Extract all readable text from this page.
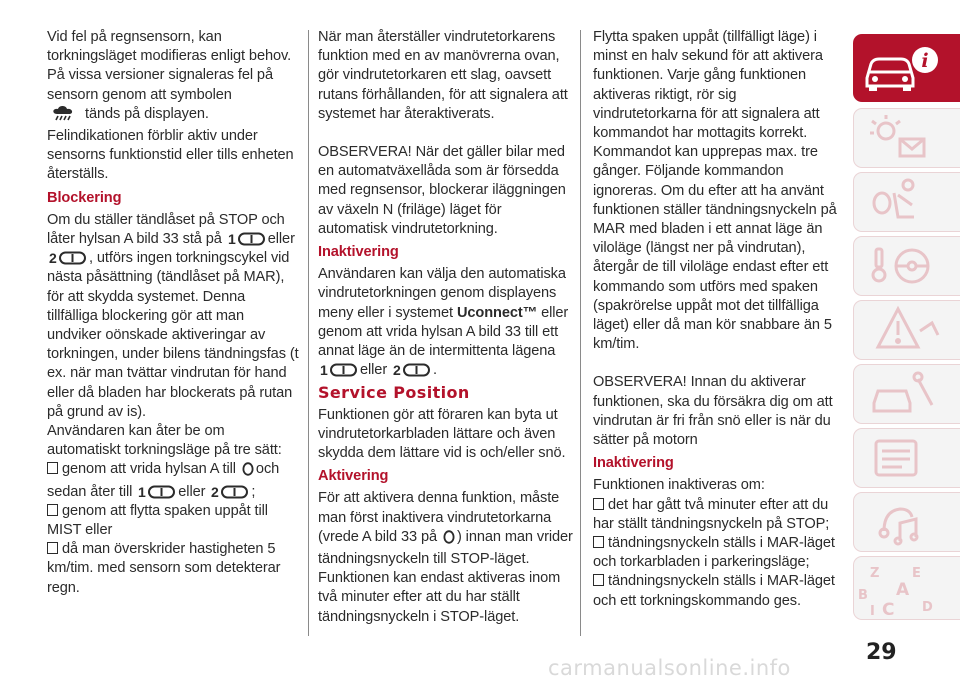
Vid fel på regnsensorn, kan torkningsläget modifieras enligt behov. På vissa versioner signaleras fel på sensorn genom att symbolen
tänds på displayen. Felindikationen förblir aktiv under sensorns funktionstid eller tills enheten återställs.

Blockering

Om du ställer tändlåset på STOP och låter hylsan A bild 33 stå på 1 eller

2 , utförs ingen torkningscykel vid nästa påsättning (tändlåset på MAR), för att skydda systemet. Denna tillfälliga blockering gör att man undviker oönskade aktiveringar av torkningen, under bilens tändningsfas (t ex. när man tvättar vindrutan för hand eller då bladen har blockerats på rutan på grund av is).

Användaren kan åter be om automatiskt torkningsläge på tre sätt:

genom att vrida hylsan A till och sedan åter till 1 eller 2 ;

genom att flytta spaken uppåt till MIST eller

då man överskrider hastigheten 5 km/tim. med sensorn som detekterar regn.

När man återställer vindrutetorkarens funktion med en av manövrerna ovan, gör vindrutetorkaren ett slag, oavsett rutans förhållanden, för att signalera att systemet har återaktiverats.

OBSERVERA! När det gäller bilar med en automatväxellåda som är försedda med regnsensor, blockerar iläggningen av växeln N (friläge) läget för automatisk vindrutetorkning.

Inaktivering

Användaren kan välja den automatiska vindrutetorkningen genom displayens meny eller i systemet Uconnect™ eller genom att vrida hylsan A bild 33 till ett annat läge än de intermittenta lägena

1 eller 2 .

Service Position

Funktionen gör att föraren kan byta ut vindrutetorkarbladen lättare och även skydda dem lättare vid is och/eller snö.

Aktivering

För att aktivera denna funktion, måste man först inaktivera vindrutetorkarna (vrede A bild 33 på ) innan man vrider tändningsnyckeln till STOP-läget. Funktionen kan endast aktiveras inom två minuter efter att du har ställt tändningsnyckeln i STOP-läget.

Flytta spaken uppåt (tillfälligt läge) i minst en halv sekund för att aktivera funktionen. Varje gång funktionen aktiveras riktigt, rör sig vindrutetorkarna för att signalera att kommandot har mottagits korrekt. Kommandot kan upprepas max. tre gånger. Följande kommandon ignoreras. Om du efter att ha använt funktionen ställer tändningsnyckeln på MAR med bladen i ett annat läge än viloläge (längst ner på vindrutan), återgår de till viloläge endast efter ett kommando som utförs med spaken (spakrörelse uppåt mot det tillfälliga läget) eller då man kör snabbare än 5 km/tim.

OBSERVERA! Innan du aktiverar funktionen, ska du försäkra dig om att vindrutan är fri från snö eller is när du sätter på motorn

Inaktivering

Funktionen inaktiveras om:

det har gått två minuter efter att du har ställt tändningsnyckeln på STOP;

tändningsnyckeln ställs i MAR-läget och torkarbladen i parkeringsläge;

tändningsnyckeln ställs i MAR-läget och ett torkningskommando ges.

i
Z	E
B A
C D
I
29
carmanualsonline.info
